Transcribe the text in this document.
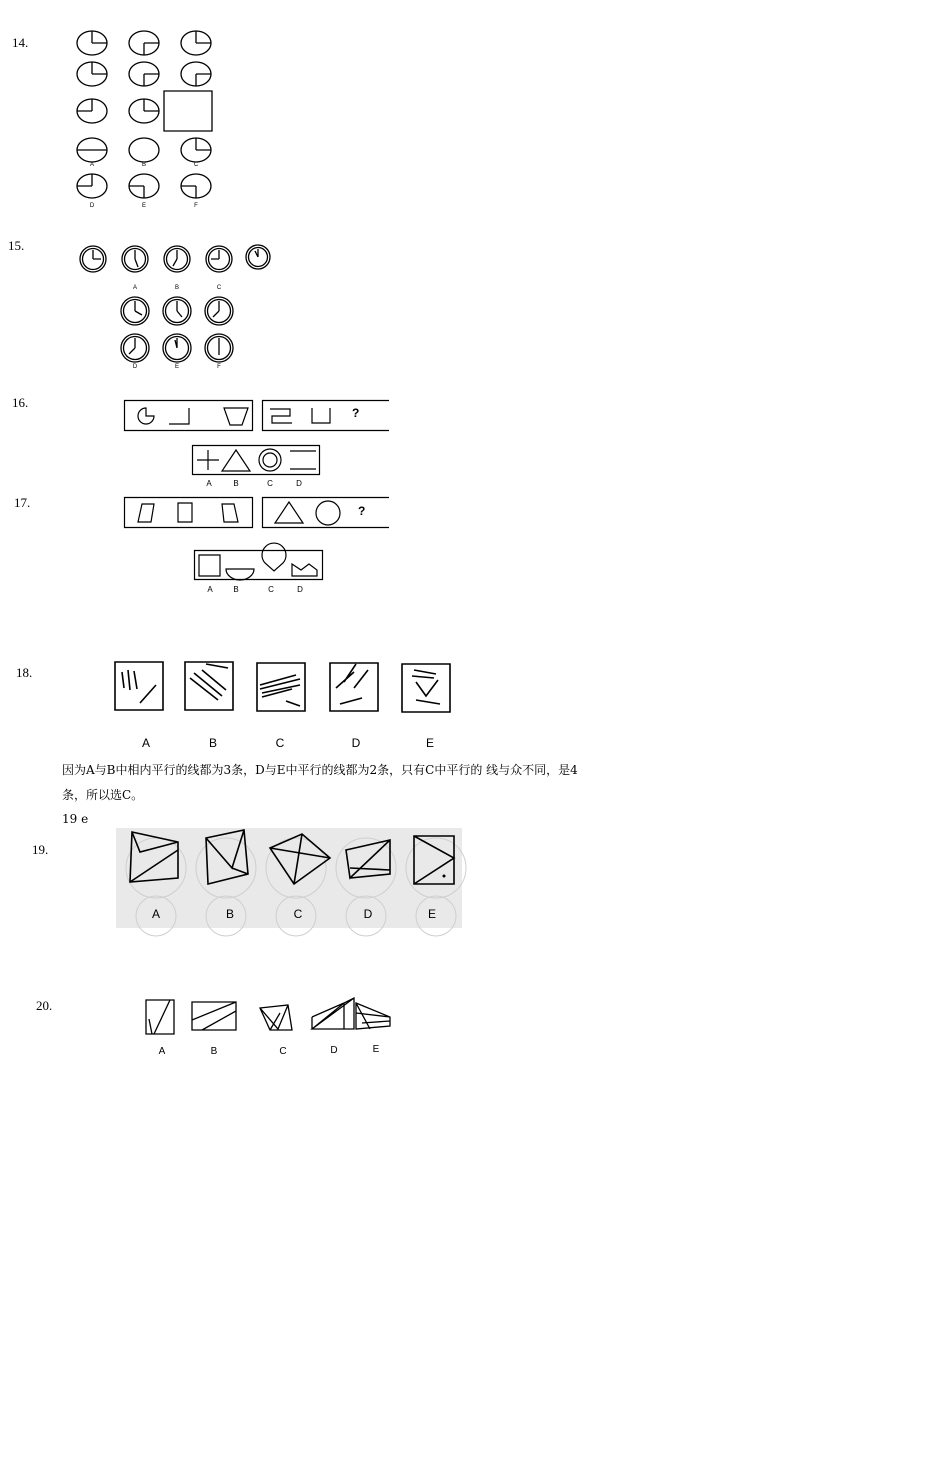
14.
A	B	C
D	E	F
15.
A	B	C
D	E	F
16.
?
A	B	C	D
17.
?
A	B	C	D
18.
A	B	C	D	E
因为A与B中相内平行的线都为3条，D与E中平行的线都为2条，只有C中平行的 线与众不同，是4
条，所以选C。
19 e
19.
A	B	C	D	E
20.
A	B	C	D	E
